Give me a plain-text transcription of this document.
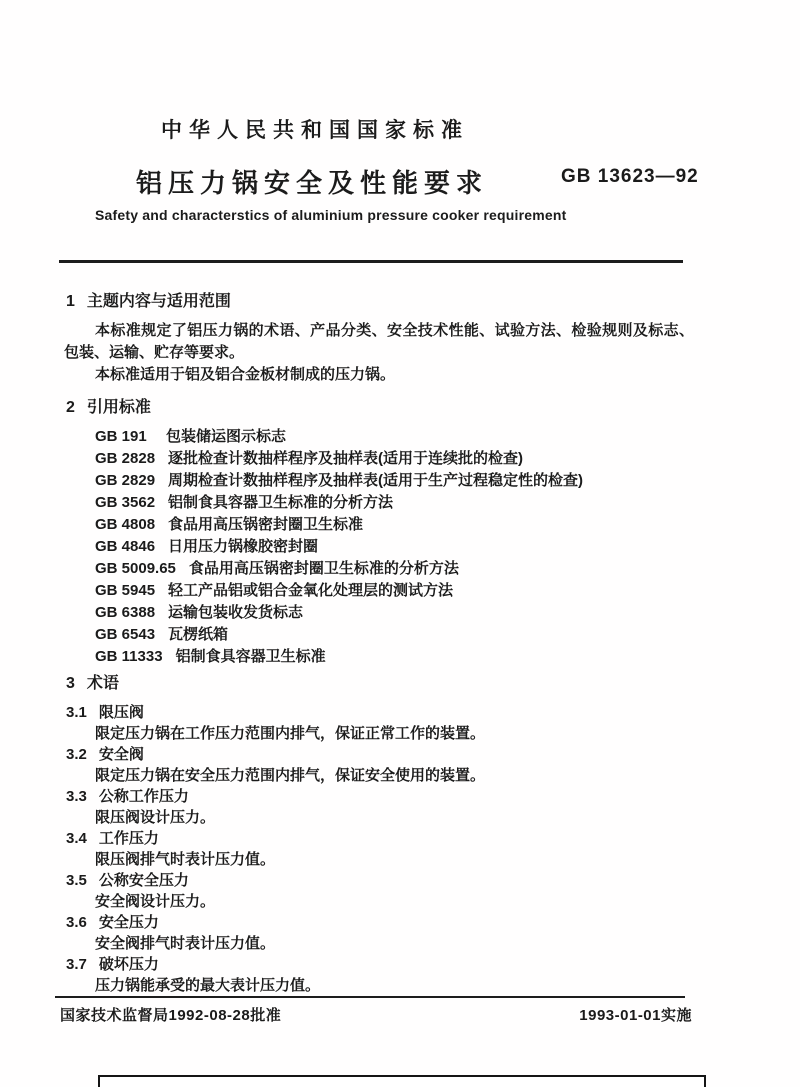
中华人民共和国国家标准
铝压力锅安全及性能要求	GB 13623—92
Safety and characterstics of aluminium pressure cooker requirement
1 主题内容与适用范围
本标准规定了铝压力锅的术语、产品分类、安全技术性能、试验方法、检验规则及标志、包装、运输、贮存等要求。
本标准适用于铝及铝合金板材制成的压力锅。
2 引用标准
GB 191 包装储运图示标志
GB 2828 逐批检查计数抽样程序及抽样表(适用于连续批的检查)
GB 2829 周期检查计数抽样程序及抽样表(适用于生产过程稳定性的检查)
GB 3562 铝制食具容器卫生标准的分析方法
GB 4808 食品用高压锅密封圈卫生标准
GB 4846 日用压力锅橡胶密封圈
GB 5009.65 食品用高压锅密封圈卫生标准的分析方法
GB 5945 轻工产品铝或铝合金氧化处理层的测试方法
GB 6388 运输包装收发货标志
GB 6543 瓦楞纸箱
GB 11333 铝制食具容器卫生标准
3 术语
3.1 限压阀
限定压力锅在工作压力范围内排气，保证正常工作的装置。
3.2 安全阀
限定压力锅在安全压力范围内排气，保证安全使用的装置。
3.3 公称工作压力
限压阀设计压力。
3.4 工作压力
限压阀排气时表计压力值。
3.5 公称安全压力
安全阀设计压力。
3.6 安全压力
安全阀排气时表计压力值。
3.7 破坏压力
压力锅能承受的最大表计压力值。
国家技术监督局1992-08-28批准	1993-01-01实施
